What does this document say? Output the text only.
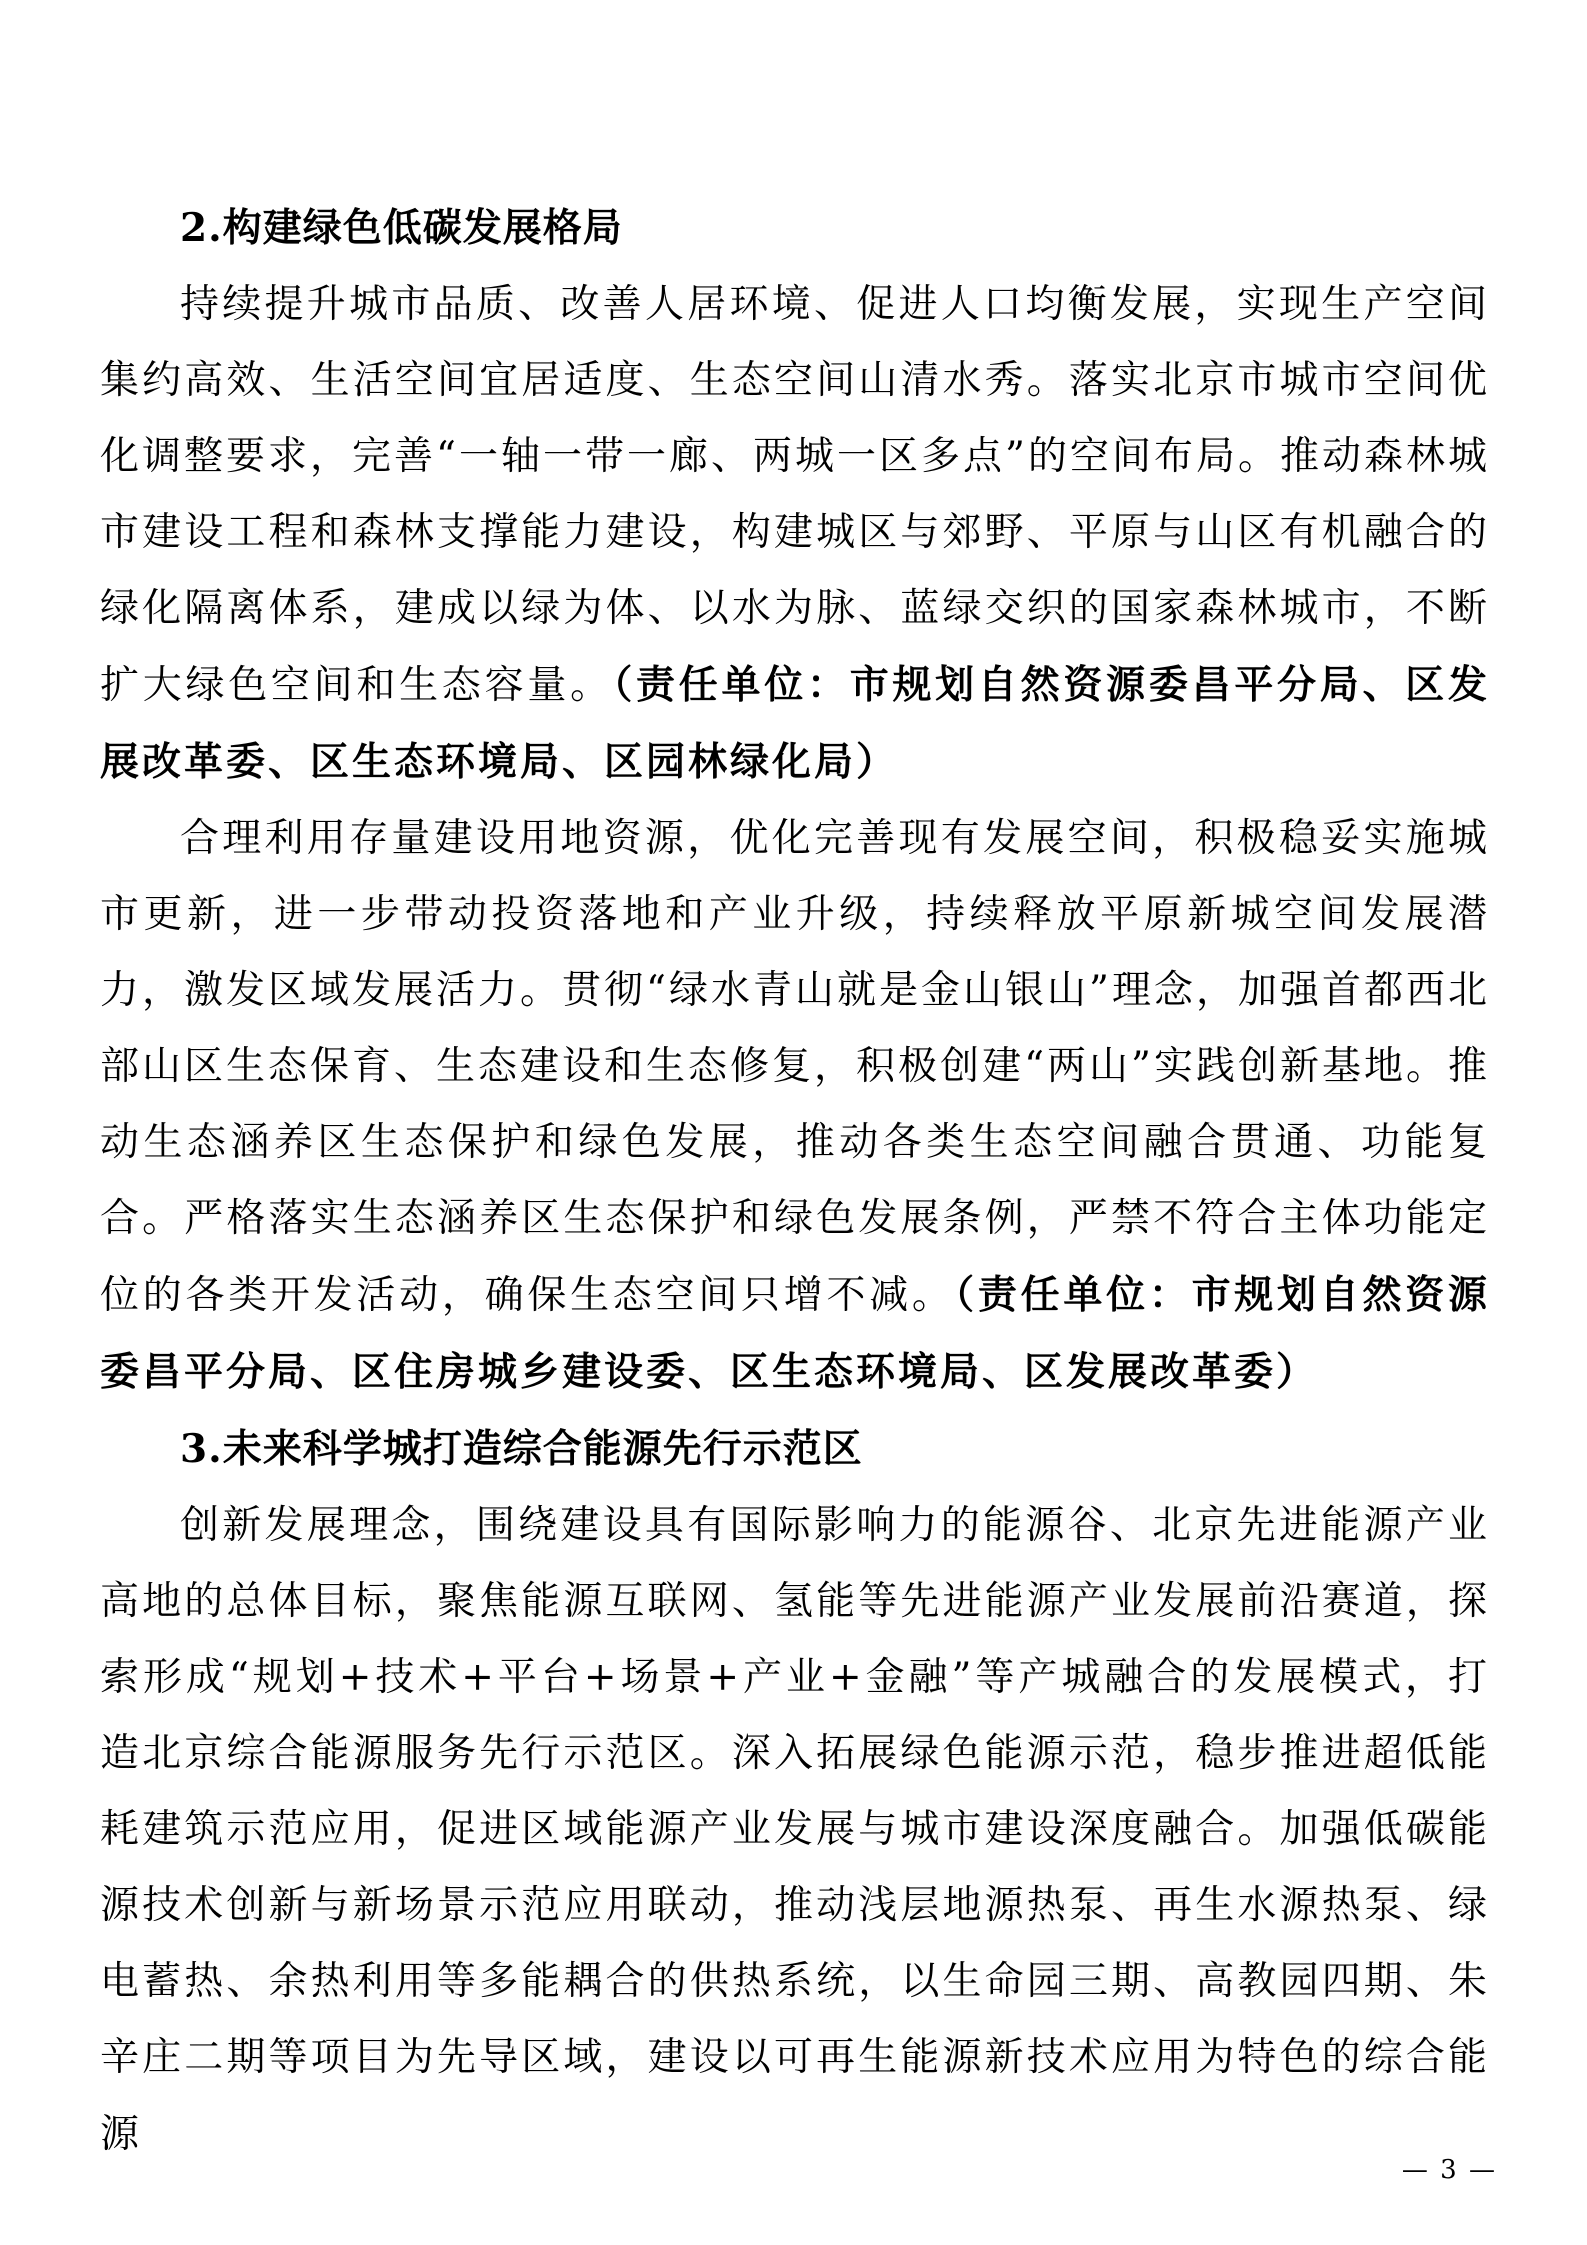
2.构建绿色低碳发展格局

持续提升城市品质、改善人居环境、促进人口均衡发展，实现生产空间集约高效、生活空间宜居适度、生态空间山清水秀。落实北京市城市空间优化调整要求，完善“一轴一带一廊、两城一区多点”的空间布局。推动森林城市建设工程和森林支撑能力建设，构建城区与郊野、平原与山区有机融合的绿化隔离体系，建成以绿为体、以水为脉、蓝绿交织的国家森林城市，不断扩大绿色空间和生态容量。（责任单位：市规划自然资源委昌平分局、区发展改革委、区生态环境局、区园林绿化局）

合理利用存量建设用地资源，优化完善现有发展空间，积极稳妥实施城市更新，进一步带动投资落地和产业升级，持续释放平原新城空间发展潜力，激发区域发展活力。贯彻“绿水青山就是金山银山”理念，加强首都西北部山区生态保育、生态建设和生态修复，积极创建“两山”实践创新基地。推动生态涵养区生态保护和绿色发展，推动各类生态空间融合贯通、功能复合。严格落实生态涵养区生态保护和绿色发展条例，严禁不符合主体功能定位的各类开发活动，确保生态空间只增不减。（责任单位：市规划自然资源委昌平分局、区住房城乡建设委、区生态环境局、区发展改革委）

3.未来科学城打造综合能源先行示范区

创新发展理念，围绕建设具有国际影响力的能源谷、北京先进能源产业高地的总体目标，聚焦能源互联网、氢能等先进能源产业发展前沿赛道，探索形成“规划+技术+平台+场景+产业+金融”等产城融合的发展模式，打造北京综合能源服务先行示范区。深入拓展绿色能源示范，稳步推进超低能耗建筑示范应用，促进区域能源产业发展与城市建设深度融合。加强低碳能源技术创新与新场景示范应用联动，推动浅层地源热泵、再生水源热泵、绿电蓄热、余热利用等多能耦合的供热系统，以生命园三期、高教园四期、朱辛庄二期等项目为先导区域，建设以可再生能源新技术应用为特色的综合能源

— 3 —
